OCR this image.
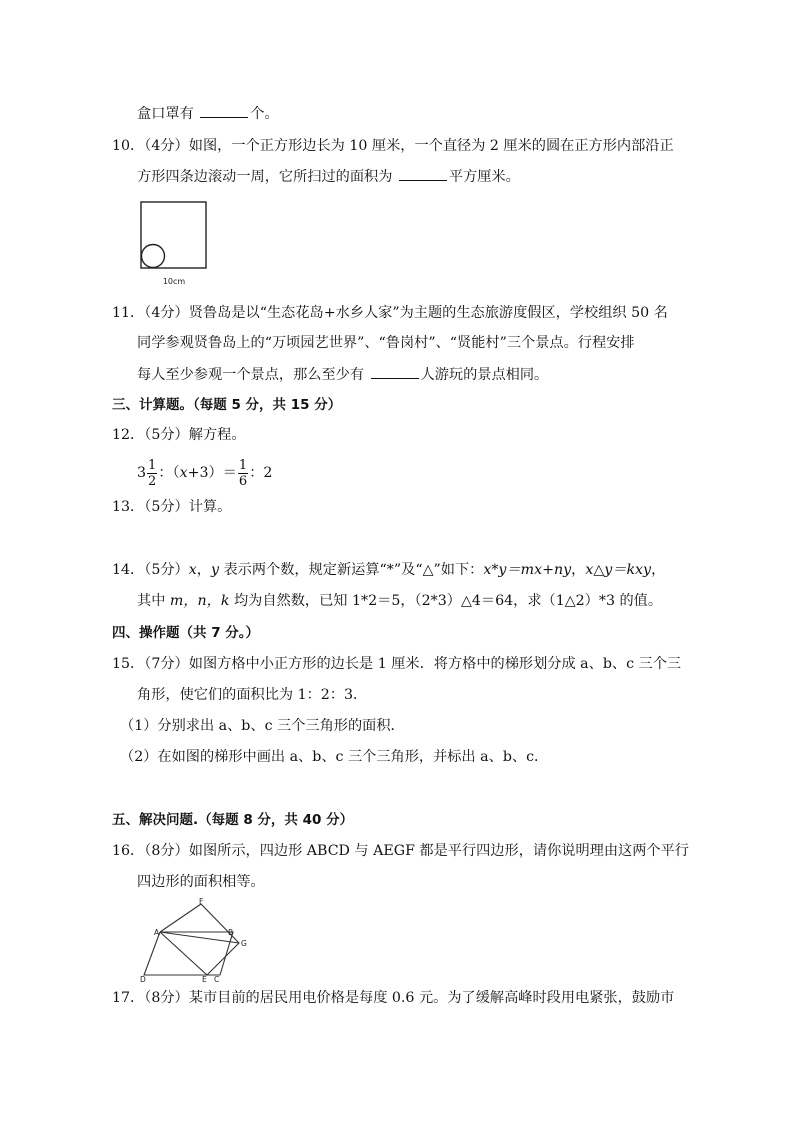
盒口罩有	个。
10．（4分）如图，一个正方形边长为 10 厘米，一个直径为 2 厘米的圆在正方形内部沿正
方形四条边滚动一周，它所扫过的面积为	平方厘米。
10cm
11．（4分）贤鲁岛是以“生态花岛+水乡人家”为主题的生态旅游度假区，学校组织 50 名
同学参观贤鲁岛上的“万顷园艺世界”、“鲁岗村”、“贤能村”三个景点。行程安排
每人至少参观一个景点，那么至少有	人游玩的景点相同。
三、计算题。（每题 5 分，共 15 分）
12．（5分）解方程。
$3 \frac{1}{2}$ ：$(x+3)= \frac{1}{6}$ ：2
13．（5分）计算。
14．（5分）x，y 表示两个数，规定新运算“*”及“△”如下：x*y＝mx+ny，x△y＝kxy，
其中 m，n，k 均为自然数，已知 1*2＝5，（2*3）△4＝64，求（1△2）*3 的值。
四、操作题（共 7 分。）
15．（7分）如图方格中小正方形的边长是 1 厘米．将方格中的梯形划分成 a、b、c 三个三
角形，使它们的面积比为 1：2：3．
（1）分别求出 a、b、c 三个三角形的面积．
（2）在如图的梯形中画出 a、b、c 三个三角形，并标出 a、b、c．
五、解决问题.（每题 8 分，共 40 分）
16．（8分）如图所示，四边形 ABCD 与 AEGF 都是平行四边形，请你说明理由这两个平行
四边形的面积相等。
F
A	B
G
D	E C
17．（8分）某市目前的居民用电价格是每度 0.6 元。为了缓解高峰时段用电紧张，鼓励市
